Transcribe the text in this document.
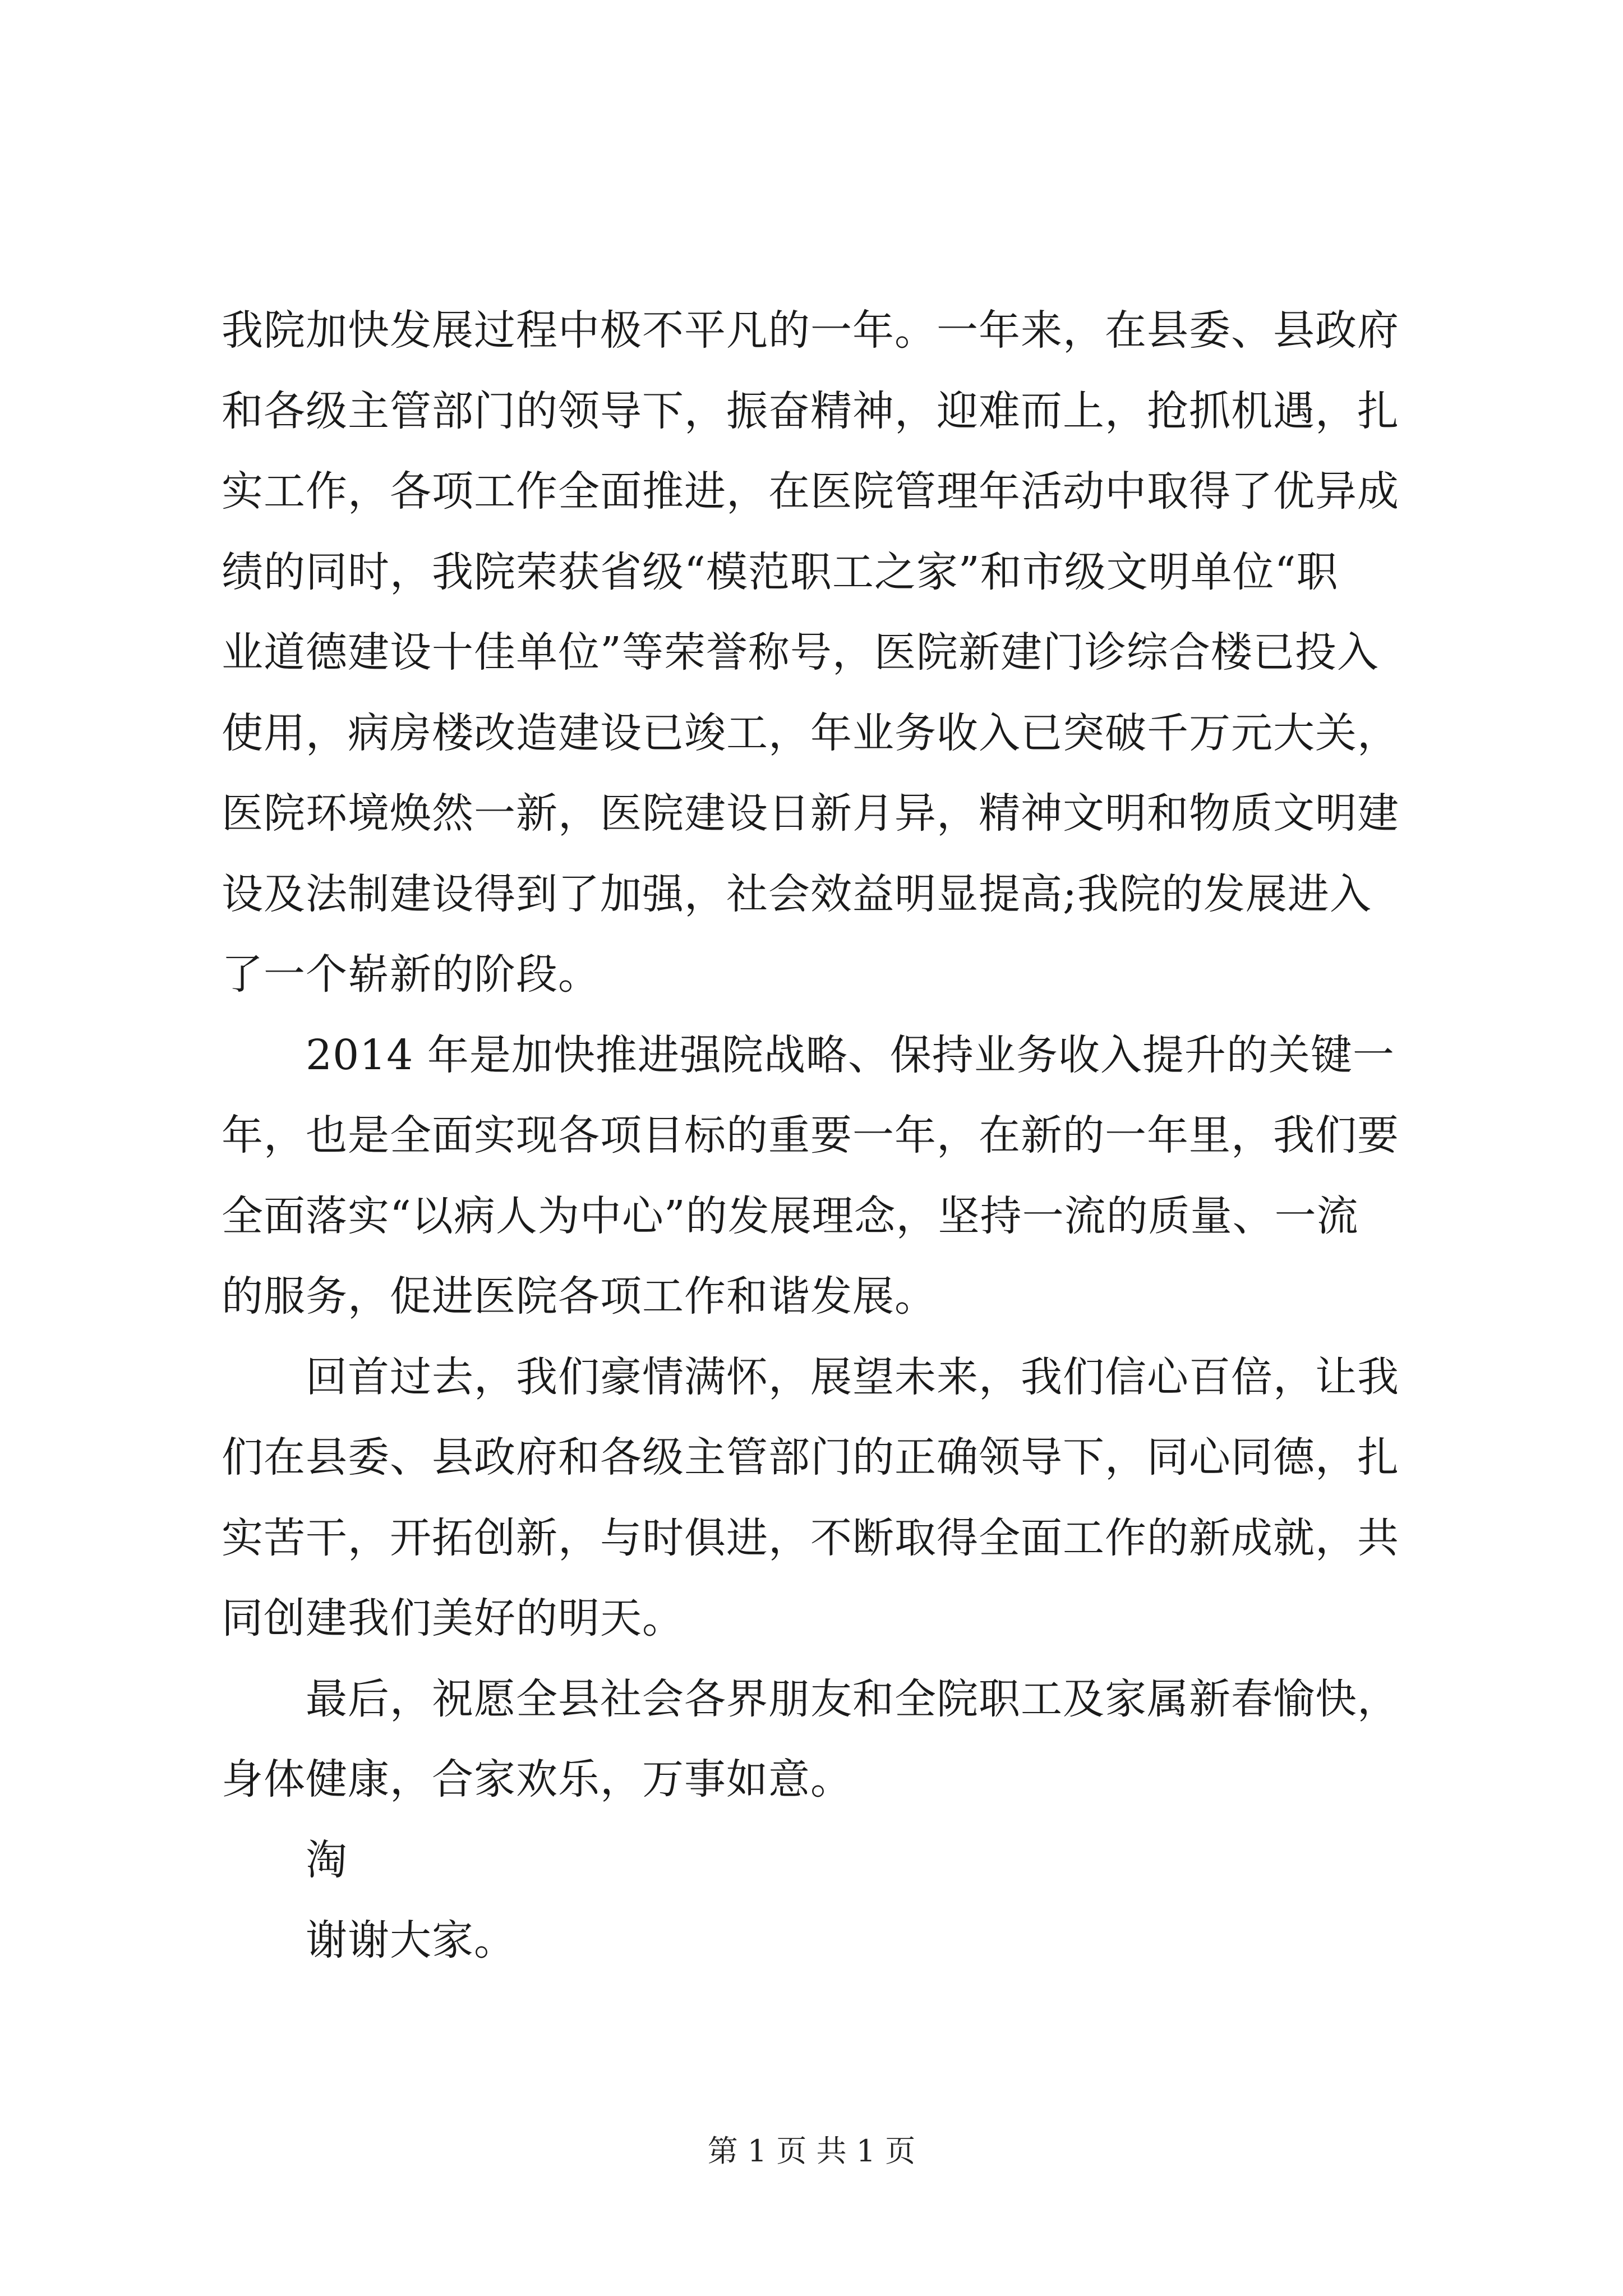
我院加快发展过程中极不平凡的一年。一年来，在县委、县政府
和各级主管部门的领导下，振奋精神，迎难而上，抢抓机遇，扎
实工作，各项工作全面推进，在医院管理年活动中取得了优异成
绩的同时，我院荣获省级“模范职工之家”和市级文明单位“职
业道德建设十佳单位”等荣誉称号，医院新建门诊综合楼已投入
使用，病房楼改造建设已竣工，年业务收入已突破千万元大关，
医院环境焕然一新，医院建设日新月异，精神文明和物质文明建
设及法制建设得到了加强，社会效益明显提高;我院的发展进入
了一个崭新的阶段。
2014 年是加快推进强院战略、保持业务收入提升的关键一
年，也是全面实现各项目标的重要一年，在新的一年里，我们要
全面落实“以病人为中心”的发展理念，坚持一流的质量、一流
的服务，促进医院各项工作和谐发展。
回首过去，我们豪情满怀，展望未来，我们信心百倍，让我
们在县委、县政府和各级主管部门的正确领导下，同心同德，扎
实苦干，开拓创新，与时俱进，不断取得全面工作的新成就，共
同创建我们美好的明天。
最后，祝愿全县社会各界朋友和全院职工及家属新春愉快，
身体健康，合家欢乐，万事如意。
淘
谢谢大家。
第 1 页 共 1 页
